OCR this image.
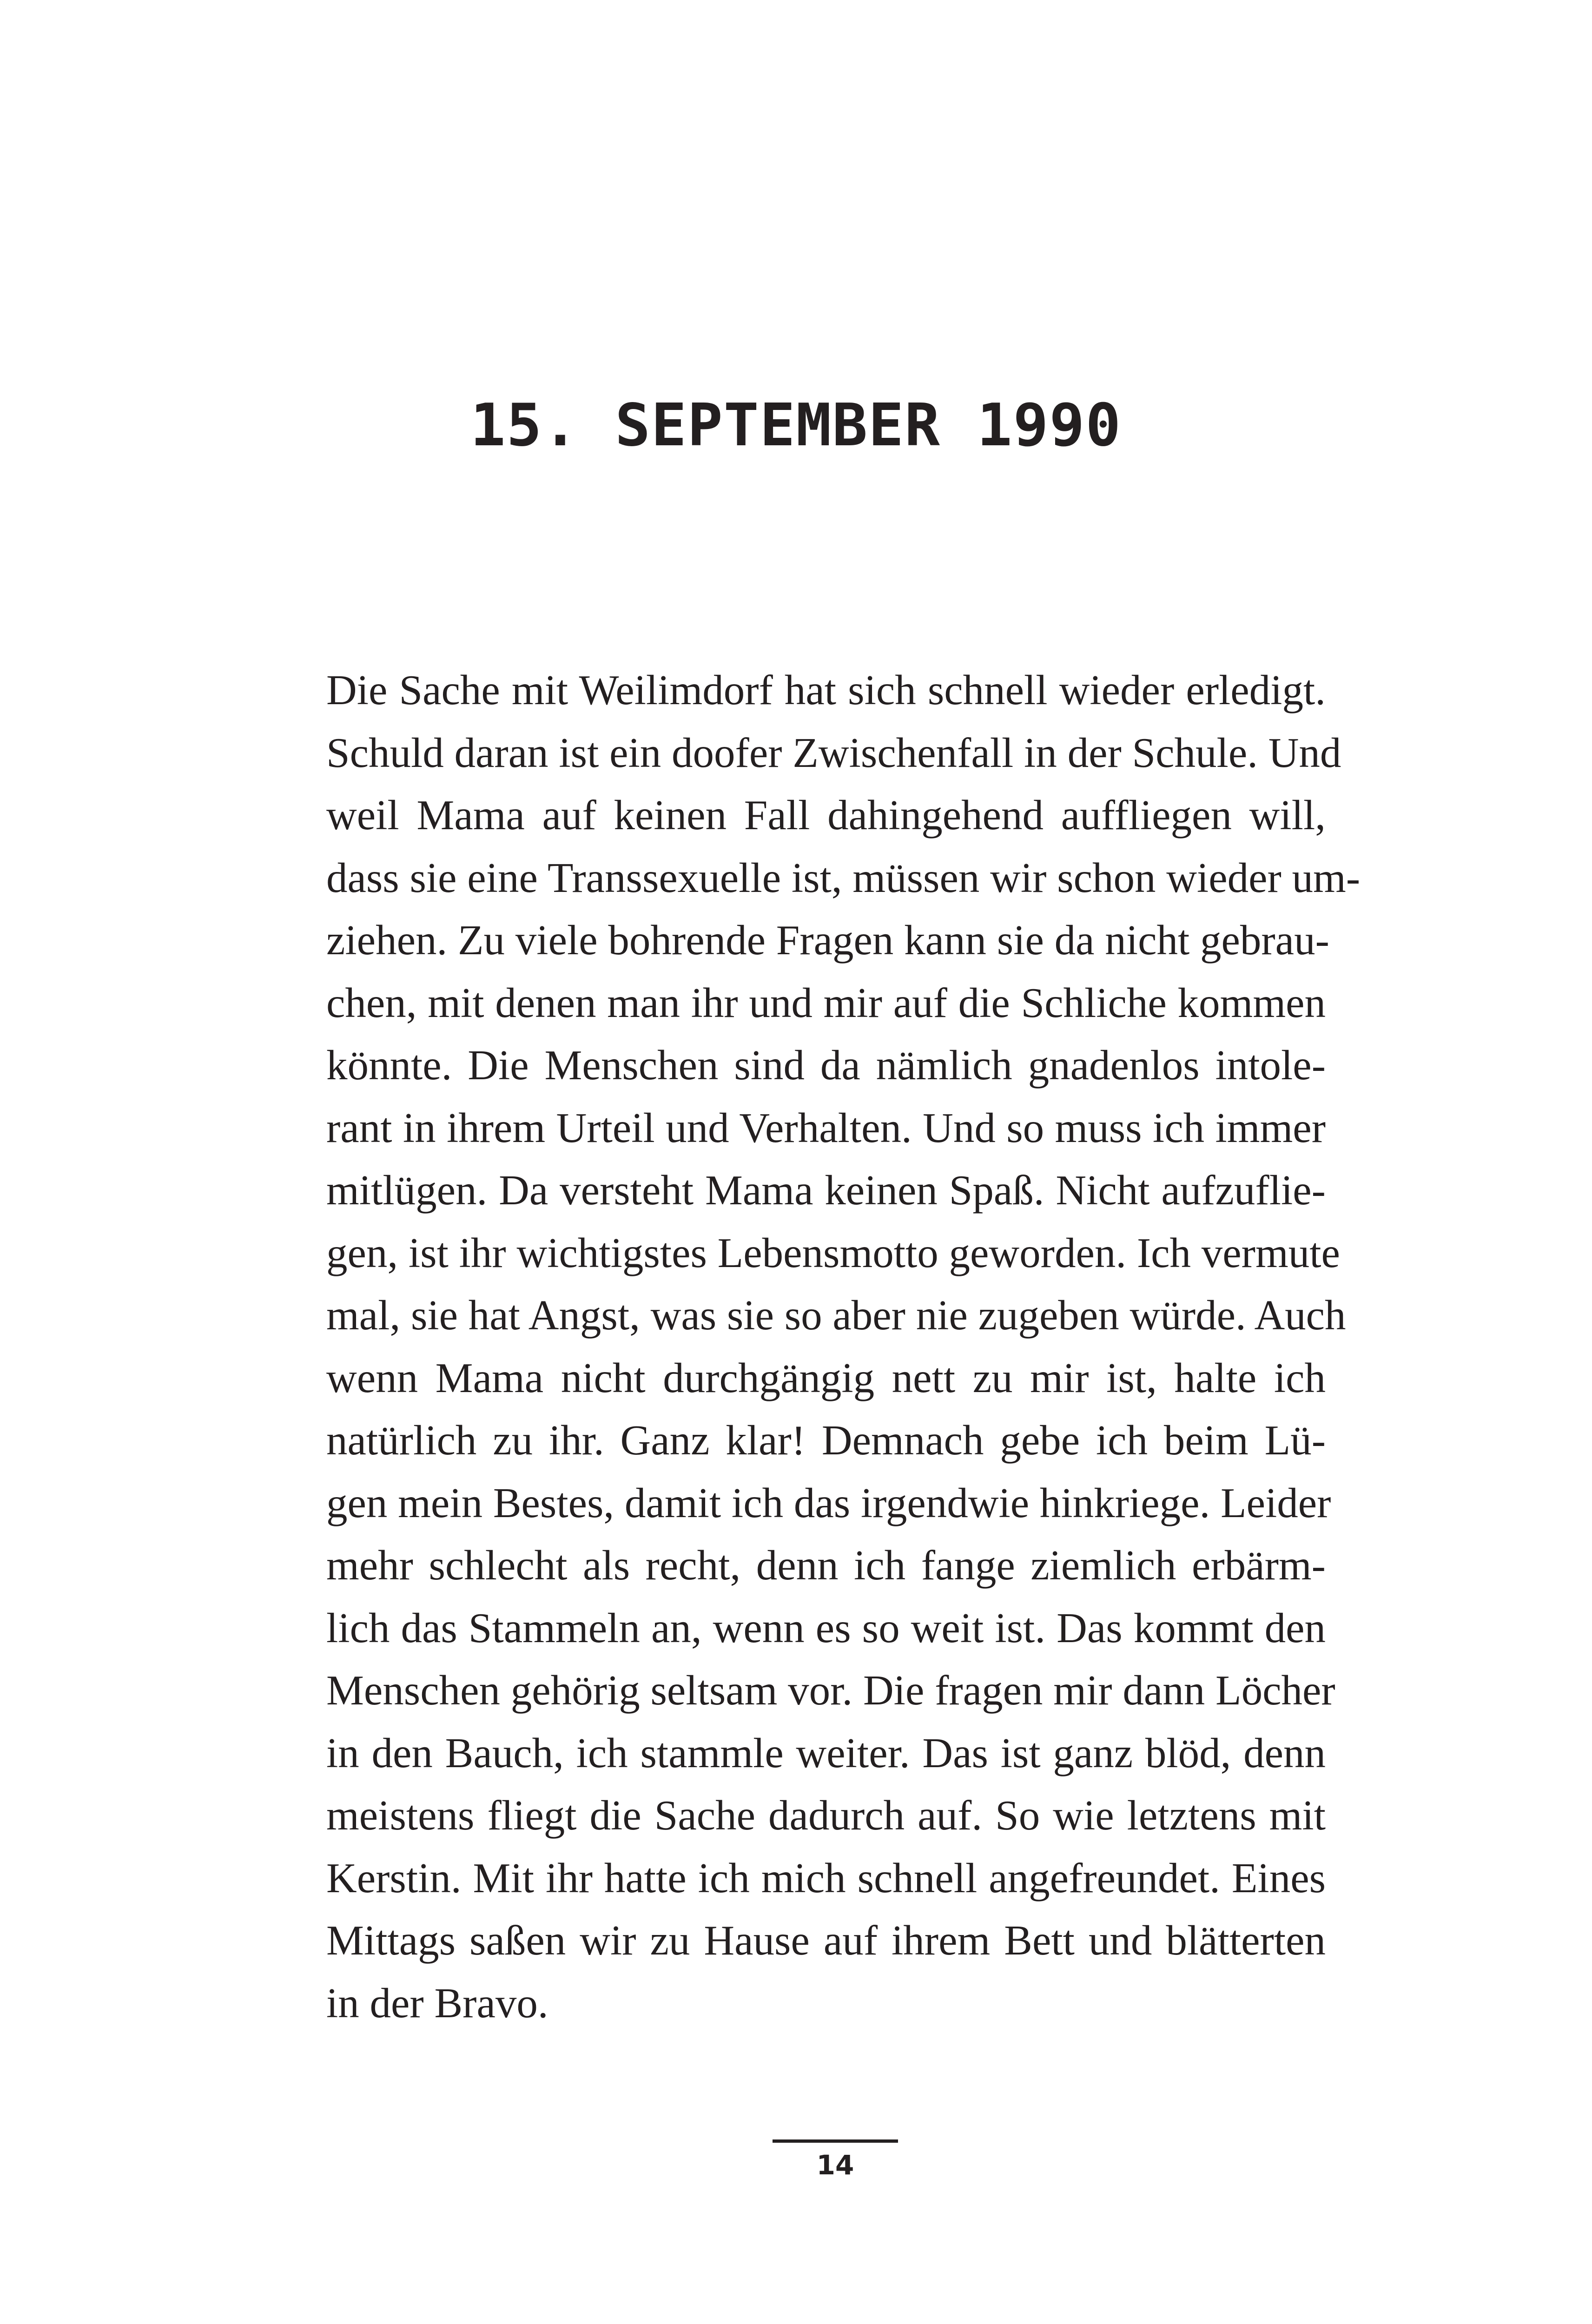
15. SEPTEMBER 1990
Die Sache mit Weilimdorf hat sich schnell wieder erledigt.
Schuld daran ist ein doofer Zwischenfall in der Schule. Und
weil Mama auf keinen Fall dahingehend auffliegen will,
dass sie eine Transsexuelle ist, müssen wir schon wieder um-
ziehen. Zu viele bohrende Fragen kann sie da nicht gebrau-
chen, mit denen man ihr und mir auf die Schliche kommen
könnte. Die Menschen sind da nämlich gnadenlos intole-
rant in ihrem Urteil und Verhalten. Und so muss ich immer
mitlügen. Da versteht Mama keinen Spaß. Nicht aufzuflie-
gen, ist ihr wichtigstes Lebensmotto geworden. Ich vermute
mal, sie hat Angst, was sie so aber nie zugeben würde. Auch
wenn Mama nicht durchgängig nett zu mir ist, halte ich
natürlich zu ihr. Ganz klar! Demnach gebe ich beim Lü-
gen mein Bestes, damit ich das irgendwie hinkriege. Leider
mehr schlecht als recht, denn ich fange ziemlich erbärm-
lich das Stammeln an, wenn es so weit ist. Das kommt den
Menschen gehörig seltsam vor. Die fragen mir dann Löcher
in den Bauch, ich stammle weiter. Das ist ganz blöd, denn
meistens fliegt die Sache dadurch auf. So wie letztens mit
Kerstin. Mit ihr hatte ich mich schnell angefreundet. Eines
Mittags saßen wir zu Hause auf ihrem Bett und blätterten
in der Bravo.
14
